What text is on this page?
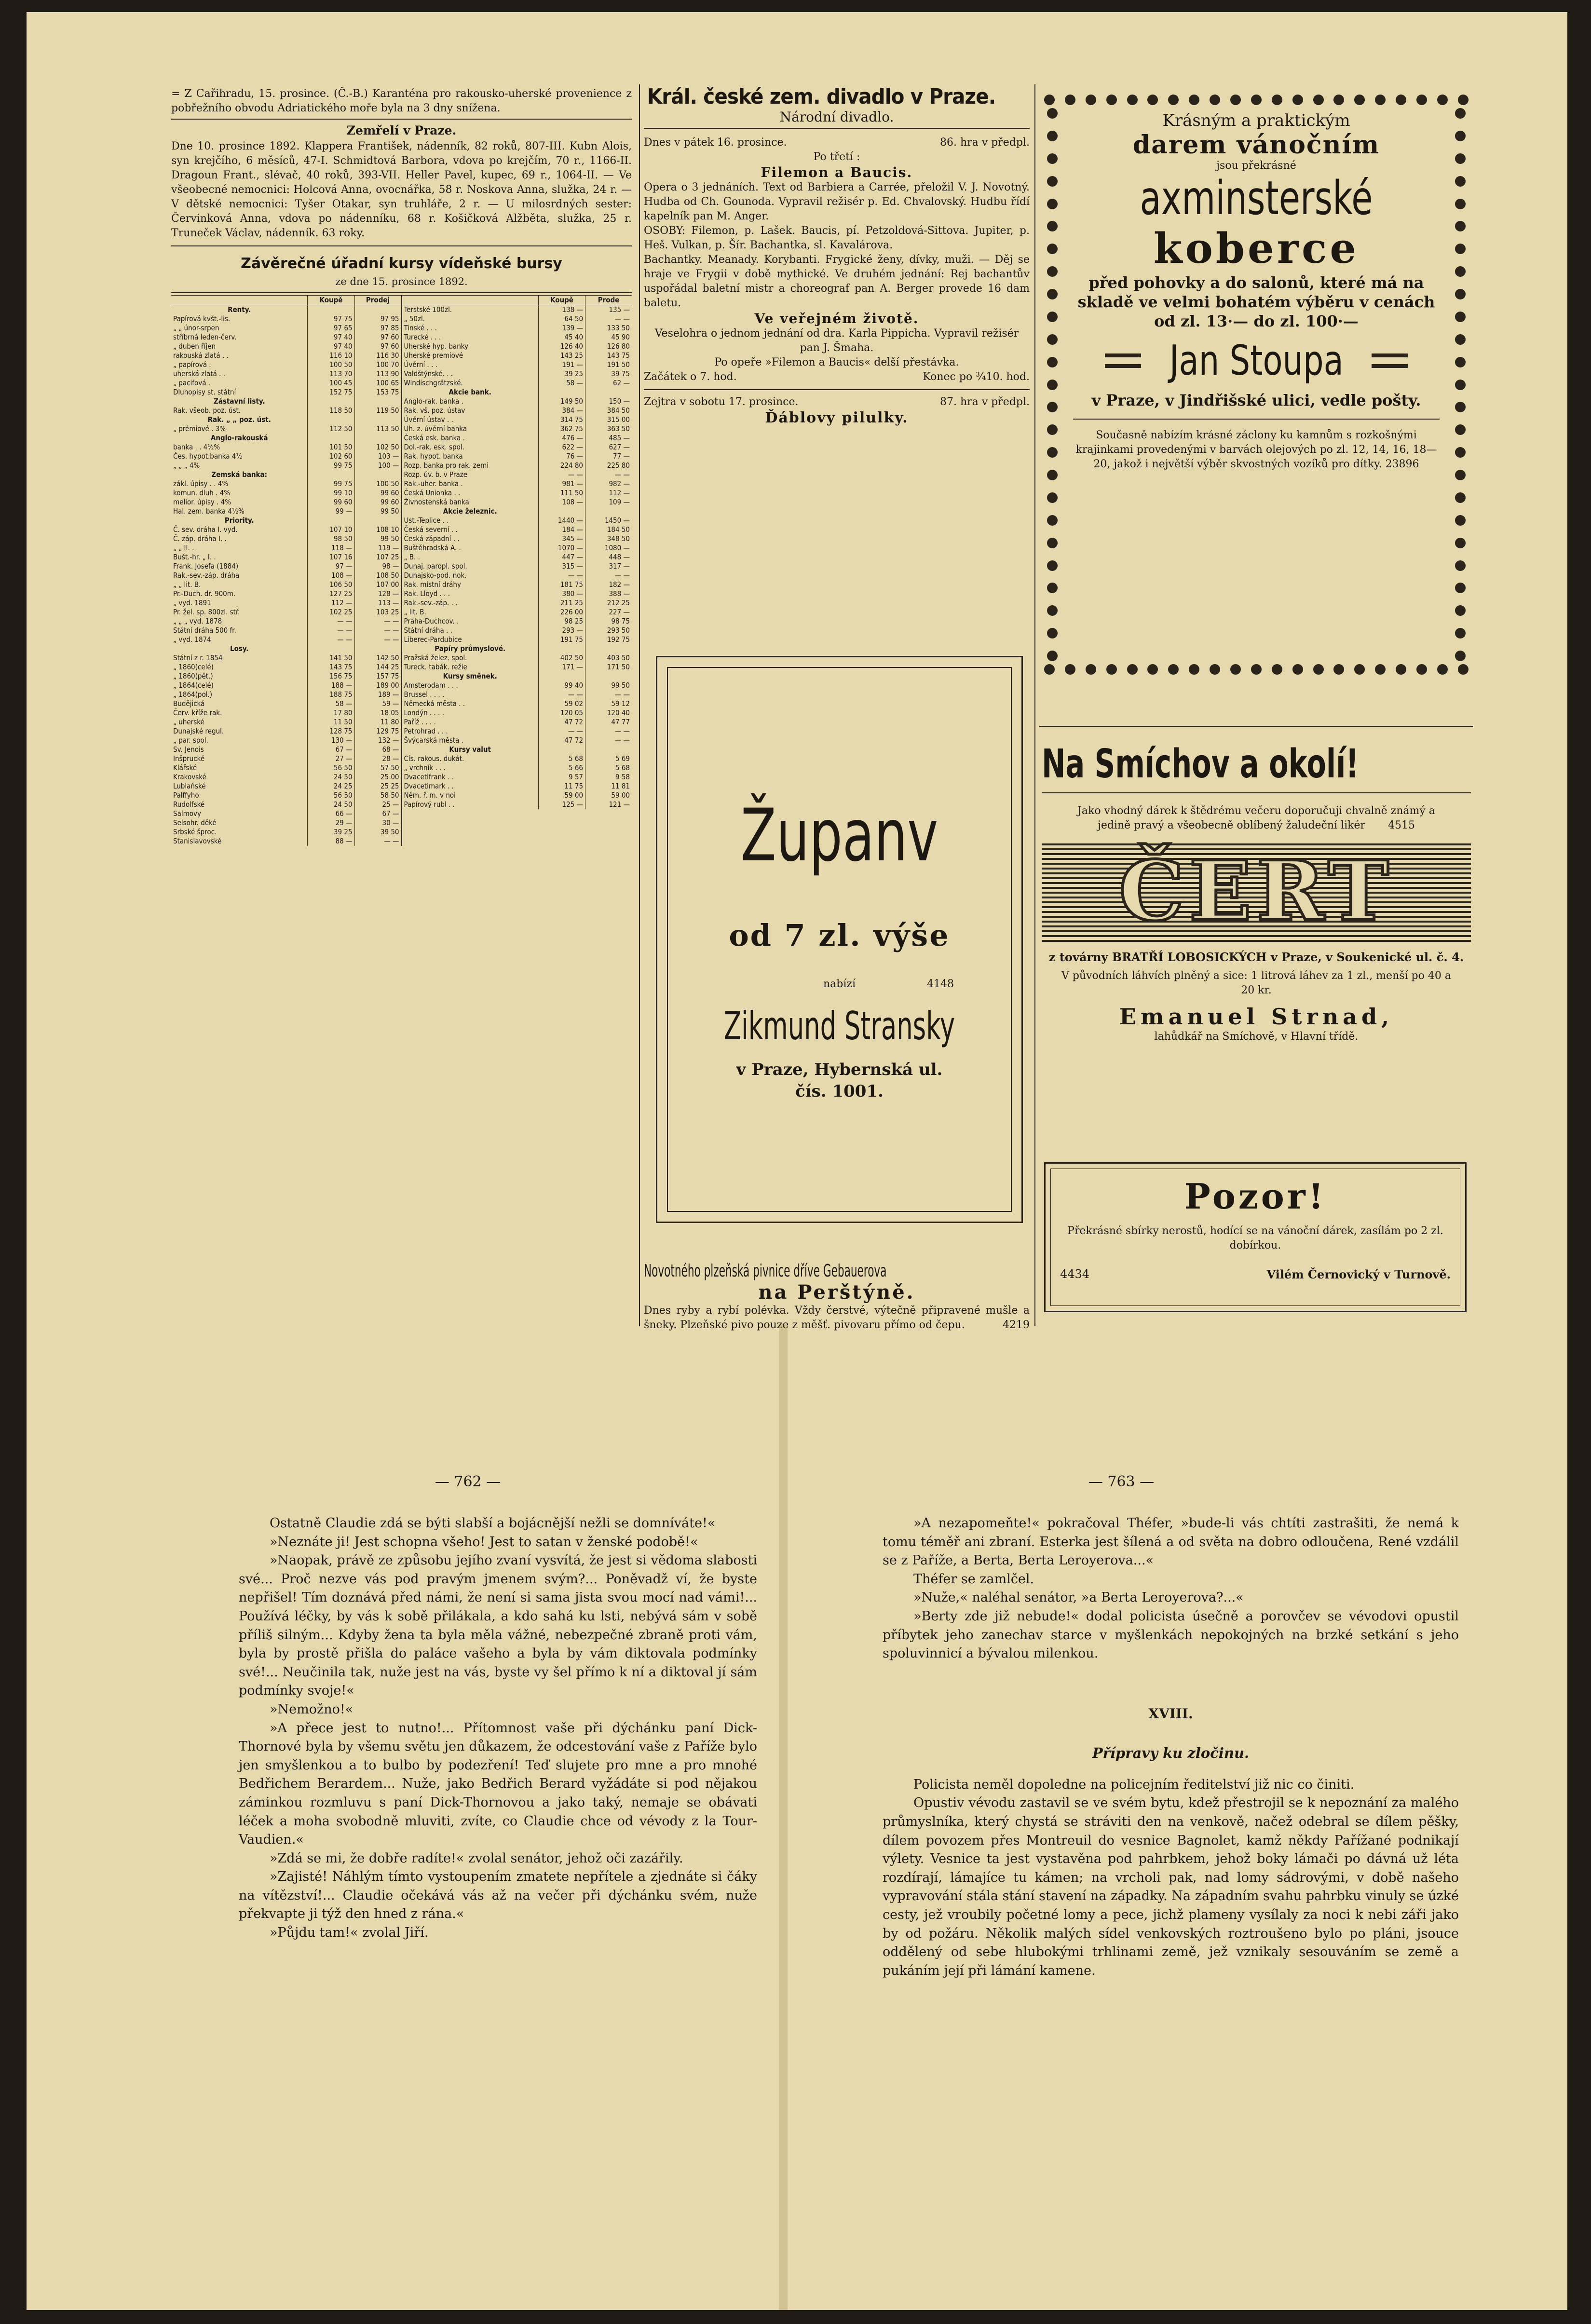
= Z Cařihradu, 15. prosince. (Č.-B.) Karanténa pro rakousko-uherské provenience z pobřežního obvodu Adriatického moře byla na 3 dny snížena.
Zemřelí v Praze.
Dne 10. prosince 1892. Klappera František, nádenník, 82 roků, 807-III. Kubn Alois, syn krejčího, 6 měsíců, 47-I. Schmidtová Barbora, vdova po krejčím, 70 r., 1166-II. Dragoun Frant., slévač, 40 roků, 393-VII. Heller Pavel, kupec, 69 r., 1064-II. — Ve všeobecné nemocnici: Holcová Anna, ovocnářka, 58 r. Noskova Anna, služka, 24 r. — V dětské nemocnici: Tyšer Otakar, syn truhláře, 2 r. — U milosrdných sester: Červinková Anna, vdova po nádenníku, 68 r. Košičková Alžběta, služka, 25 r. Truneček Václav, nádenník. 63 roky.
Závěrečné úřadní kursy vídeňské bursy
ze dne 15. prosince 1892.
	Koupě	Prodej
Renty.		
Papírová kvšt.-lis.	97 75	97 95
„ „ únor-srpen	97 65	97 85
stříbrná leden-červ.	97 40	97 60
„ duben říjen	97 40	97 60
rakouská zlatá . .	116 10	116 30
„ papírová .	100 50	100 70
uherská zlatá . .	113 70	113 90
„ pacifová .	100 45	100 65
Dluhopisy st. státní	152 75	153 75
Zástavní listy.		
Rak. všeob. poz. úst.	118 50	119 50
Rak. „ „ poz. úst.		
„ prémiové . 3%	112 50	113 50
Anglo-rakouská		
banka . . 4½%	101 50	102 50
Čes. hypot.banka 4½	102 60	103 —
„ „ „ 4%	99 75	100 —
Zemská banka:		
zákl. úpisy . . 4%	99 75	100 50
komun. dluh . 4%	99 10	99 60
melior. úpisy . 4%	99 60	99 60
Hal. zem. banka 4½%	99 —	99 50
Priority.		
Č. sev. dráha I. vyd.	107 10	108 10
Č. záp. dráha I. .	98 50	99 50
„ „ II. .	118 —	119 —
Bušt.-hr. „ I. .	107 16	107 25
Frank. Josefa (1884)	97 —	98 —
Rak.-sev.-záp. dráha	108 —	108 50
„ „ lit. B.	106 50	107 00
Pr.-Duch. dr. 900m.	127 25	128 —
„ vyd. 1891	112 —	113 —
Pr. žel. sp. 800zl. stř.	102 25	103 25
„ „ „ vyd. 1878	— —	— —
Státní dráha 500 fr.	— —	— —
„ vyd. 1874	— —	— —
Losy.		
Státní z r. 1854	141 50	142 50
„ 1860(celé)	143 75	144 25
„ 1860(pět.)	156 75	157 75
„ 1864(celé)	188 —	189 00
„ 1864(pol.)	188 75	189 —
Budějická	58 —	59 —
Červ. kříže rak.	17 80	18 05
„ uherské	11 50	11 80
Dunajské regul.	128 75	129 75
„ par. spol.	130 —	132 —
Sv. Jenois	67 —	68 —
Inšprucké	27 —	28 —
Klářské	56 50	57 50
Krakovské	24 50	25 00
Lublaňské	24 25	25 25
Palffyho	56 50	58 50
Rudolfské	24 50	25 —
Salmovy	66 —	67 —
Selsohr. děké	29 —	30 —
Srbské šproc.	39 25	39 50
Stanislavovské	88 —	— —
	Koupě	Prode
Terstské 100zl.	138 —	135 —
„ 50zl.	64 50	— —
Tinské . . .	139 —	133 50
Turecké . . .	45 40	45 90
Uherské hyp. banky	126 40	126 80
Uherské premiové	143 25	143 75
Úvěrní . . .	191 —	191 50
Valdštýnské. . .	39 25	39 75
Windischgrätzské.	58 —	62 —
Akcie bank.		
Anglo-rak. banka .	149 50	150 —
Rak. vš. poz. ústav	384 —	384 50
Úvěrní ústav . .	314 75	315 00
Uh. z. úvěrní banka	362 75	363 50
Česká esk. banka .	476 —	485 —
Dol.-rak. esk. spol.	622 —	627 —
Rak. hypot. banka	76 —	77 —
Rozp. banka pro rak. zemi	224 80	225 80
Rozp. úv. b. v Praze	— —	— —
Rak.-uher. banka .	981 —	982 —
Česká Unionka . .	111 50	112 —
Živnostenská banka	108 —	109 —
Akcie železnic.		
Ust.-Teplice . .	1440 —	1450 —
Česká severní . .	184 —	184 50
Česká západní . .	345 —	348 50
Buštěhradská A. .	1070 —	1080 —
„ B. .	447 —	448 —
Dunaj. paropl. spol.	315 —	317 —
Dunajsko-pod. nok.	— —	— —
Rak. místní dráhy	181 75	182 —
Rak. Lloyd . . .	380 —	388 —
Rak.-sev.-záp. . .	211 25	212 25
„ lit. B.	226 00	227 —
Praha-Duchcov. .	98 25	98 75
Státní dráha . .	293 —	293 50
Liberec-Pardubice	191 75	192 75
Papíry průmyslové.		
Pražská želez. spol.	402 50	403 50
Tureck. tabák. režie	171 —	171 50
Kursy směnek.		
Amsterodam . . .	99 40	99 50
Brussel . . . .	— —	— —
Německá města . .	59 02	59 12
Londýn . . . .	120 05	120 40
Paříž . . . .	47 72	47 77
Petrohrad . . .	— —	— —
Švýcarská města .	47 72	— —
Kursy valut		
Cís. rakous. dukát.	5 68	5 69
„ vrchník . . .	5 66	5 68
Dvacetifrank . .	9 57	9 58
Dvacetimark . .	11 75	11 81
Něm. ř. m. v noi	59 00	59 00
Papírový rubl . .	125 —	121 —
Král. české zem. divadlo v Praze.
Národní divadlo.
Dnes v pátek 16. prosince.	86. hra v předpl.
Po třetí :
Filemon a Baucis.
Opera o 3 jednáních. Text od Barbiera a Carrée, přeložil V. J. Novotný. Hudba od Ch. Gounoda. Vypravil režisér p. Ed. Chvalovský. Hudbu řídí kapelník pan M. Anger.
OSOBY: Filemon, p. Lašek. Baucis, pí. Petzoldová-Sittova. Jupiter, p. Heš. Vulkan, p. Šír. Bachantka, sl. Kavalárova.
Bachantky. Meanady. Korybanti. Frygické ženy, dívky, muži. — Děj se hraje ve Frygii v době mythické. Ve druhém jednání: Rej bachantův uspořádal baletní mistr a choreograf pan A. Berger provede 16 dam baletu.
Ve veřejném životě.
Veselohra o jednom jednání od dra. Karla Pippicha. Vypravil režisér pan J. Šmaha.
Po opeře »Filemon a Baucis« delší přestávka.
Začátek o 7. hod.	Konec po ¾10. hod.
Zejtra v sobotu 17. prosince.	87. hra v předpl.
Ďáblovy pilulky.
Županv
od 7 zl. výše
nabízí	4148
Zikmund Stransky
v Praze, Hybernská ul.
čís. 1001.
Novotného plzeňská pivnice dříve Gebauerova
na Perštýně.
Dnes ryby a rybí polévka. Vždy čerstvé, výtečně připravené mušle a šneky. Plzeňské pivo pouze z měšť. pivovaru přímo od čepu.	4219
Krásným a praktickým
darem vánočním
jsou překrásné
axminsterské
koberce
před pohovky a do salonů, které má na skladě ve velmi bohatém výběru v cenách od zl. 13·— do zl. 100·—
Jan Stoupa
v Praze, v Jindřišské ulici, vedle pošty.
Současně nabízím krásné záclony ku kamnům s rozkošnými krajinkami provedenými v barvách olejových po zl. 12, 14, 16, 18—20, jakož i největší výběr skvostných vozíků pro dítky. 23896
Na Smíchov a okolí!
Jako vhodný dárek k štědrému večeru doporučuji chvalně známý a jedině pravý a všeobecně oblíbený žaludeční likér 4515
ČERT
z továrny BRATŘÍ LOBOSICKÝCH v Praze, v Soukenické ul. č. 4.
V původních láhvích plněný a sice: 1 litrová láhev za 1 zl., menší po 40 a 20 kr.
Emanuel Strnad,
lahůdkář na Smíchově, v Hlavní třídě.
Pozor!
Překrásné sbírky nerostů, hodící se na vánoční dárek, zasílám po 2 zl. dobírkou.
4434	Vilém Černovický v Turnově.
— 762 —	— 763 —

Ostatně Claudie zdá se býti slabší a bojácnější nežli se domníváte!«

»Neznáte ji! Jest schopna všeho! Jest to satan v ženské podobě!«

»Naopak, právě ze způsobu jejího zvaní vysvítá, že jest si vědoma slabosti své... Proč nezve vás pod pravým jmenem svým?... Poněvadž ví, že byste nepřišel! Tím doznává před námi, že není si sama jista svou mocí nad vámi!... Používá léčky, by vás k sobě přilákala, a kdo sahá ku lsti, nebývá sám v sobě příliš silným... Kdyby žena ta byla měla vážné, nebezpečné zbraně proti vám, byla by prostě přišla do paláce vašeho a byla by vám diktovala podmínky své!... Neučinila tak, nuže jest na vás, byste vy šel přímo k ní a diktoval jí sám podmínky svoje!«

»Nemožno!«

»A přece jest to nutno!... Přítomnost vaše při dýchánku paní Dick-Thornové byla by všemu světu jen důkazem, že odcestování vaše z Paříže bylo jen smyšlenkou a to bulbo by podezření! Teď slujete pro mne a pro mnohé Bedřichem Berardem... Nuže, jako Bedřich Berard vyžádáte si pod nějakou záminkou rozmluvu s paní Dick-Thornovou a jako taký, nemaje se obávati léček a moha svobodně mluviti, zvíte, co Claudie chce od vévody z la Tour-Vaudien.«

»Zdá se mi, že dobře radíte!« zvolal senátor, jehož oči zazářily.

»Zajisté! Náhlým tímto vystoupením zmatete nepřítele a zjednáte si čáky na vítězství!... Claudie očekává vás až na večer při dýchánku svém, nuže překvapte ji týž den hned z rána.«

»Půjdu tam!« zvolal Jiří.

»A nezapomeňte!« pokračoval Théfer, »bude-li vás chtíti zastrašiti, že nemá k tomu téměř ani zbraní. Esterka jest šílená a od světa na dobro odloučena, René vzdálil se z Paříže, a Berta, Berta Leroyerova...«

Théfer se zamlčel.

»Nuže,« naléhal senátor, »a Berta Leroyerova?...«

»Berty zde již nebude!« dodal policista úsečně a porovčev se vévodovi opustil příbytek jeho zanechav starce v myšlenkách nepokojných na brzké setkání s jeho spoluvinnicí a bývalou milenkou.

XVIII.
Přípravy ku zločinu.

Policista neměl dopoledne na policejním ředitelství již nic co činiti.

Opustiv vévodu zastavil se ve svém bytu, kdež přestrojil se k nepoznání za malého průmyslníka, který chystá se stráviti den na venkově, načež odebral se dílem pěšky, dílem povozem přes Montreuil do vesnice Bagnolet, kamž někdy Pařížané podnikají výlety. Vesnice ta jest vystavěna pod pahrbkem, jehož boky lámači po dávná už léta rozdírají, lámajíce tu kámen; na vrcholi pak, nad lomy sádrovými, v době našeho vypravování stála stání stavení na západky. Na západním svahu pahrbku vinuly se úzké cesty, jež vroubily početné lomy a pece, jichž plameny vysílaly za noci k nebi záři jako by od požáru. Několik malých sídel venkovských roztroušeno bylo po pláni, jsouce oddělený od sebe hlubokými trhlinami země, jež vznikaly sesouváním se země a pukáním její při lámání kamene.
